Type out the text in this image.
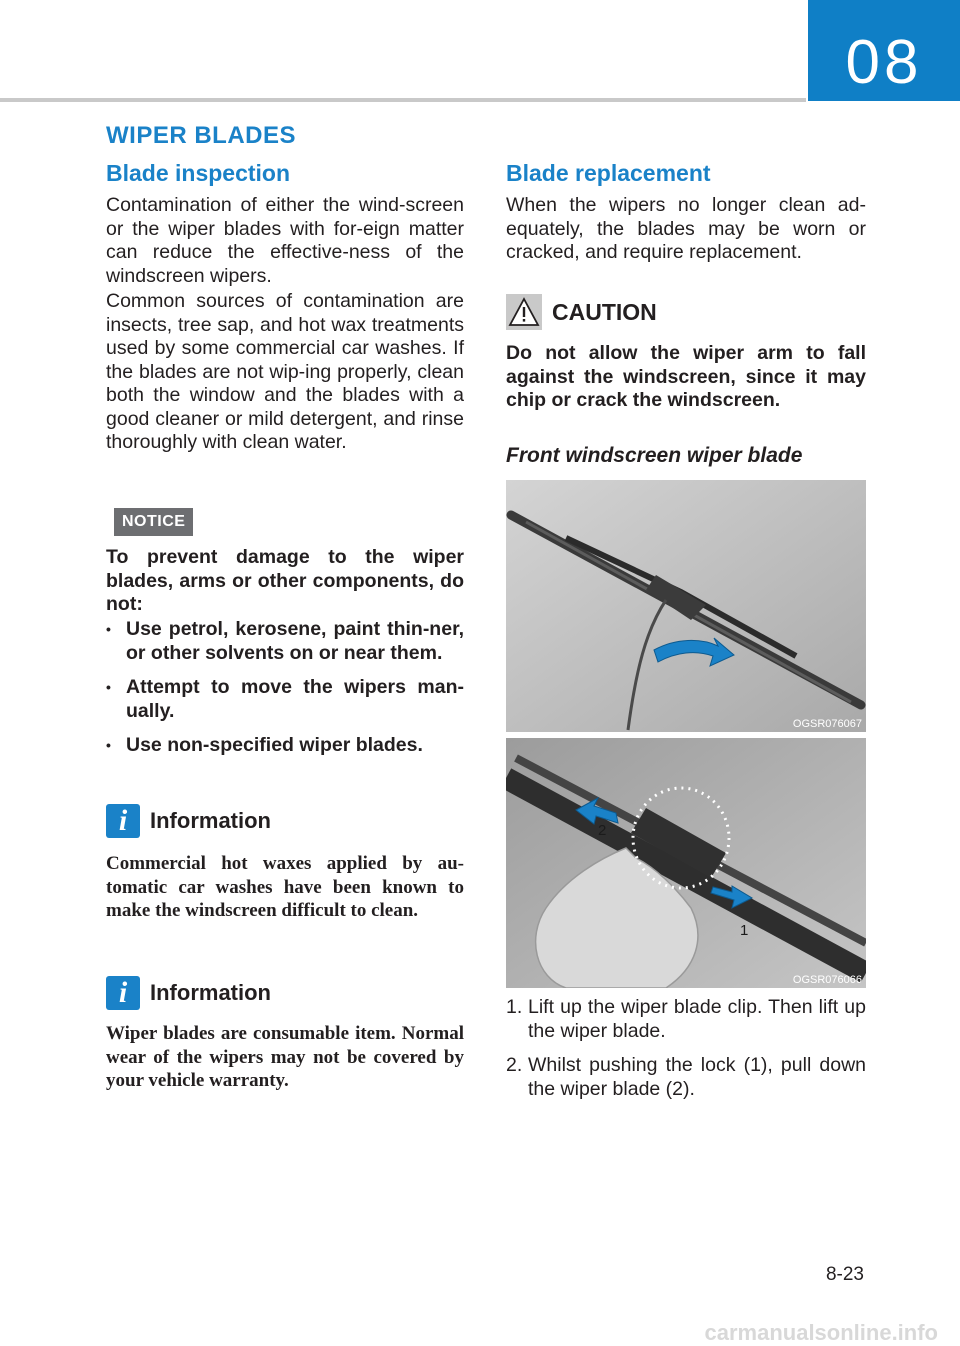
08
WIPER BLADES
Blade inspection
Contamination of either the wind-screen or the wiper blades with for-eign matter can reduce the effective-ness of the windscreen wipers.
Common sources of contamination are insects, tree sap, and hot wax treatments used by some commercial car washes. If the blades are not wip-ing properly, clean both the window and the blades with a good cleaner or mild detergent, and rinse thoroughly with clean water.
NOTICE
To prevent damage to the wiper blades, arms or other components, do not:
• Use petrol, kerosene, paint thin-ner, or other solvents on or near them.
• Attempt to move the wipers man-ually.
• Use non-specified wiper blades.
i	Information
Commercial hot waxes applied by au-tomatic car washes have been known to make the windscreen difficult to clean.
i	Information
Wiper blades are consumable item. Normal wear of the wipers may not be covered by your vehicle warranty.
Blade replacement
When the wipers no longer clean ad-equately, the blades may be worn or cracked, and require replacement.
CAUTION
Do not allow the wiper arm to fall against the windscreen, since it may chip or crack the windscreen.
Front windscreen wiper blade
OGSR076067
2
1
OGSR076066
1. Lift up the wiper blade clip. Then lift up the wiper blade.
2. Whilst pushing the lock (1), pull down the wiper blade (2).
8-23
carmanualsonline.info
